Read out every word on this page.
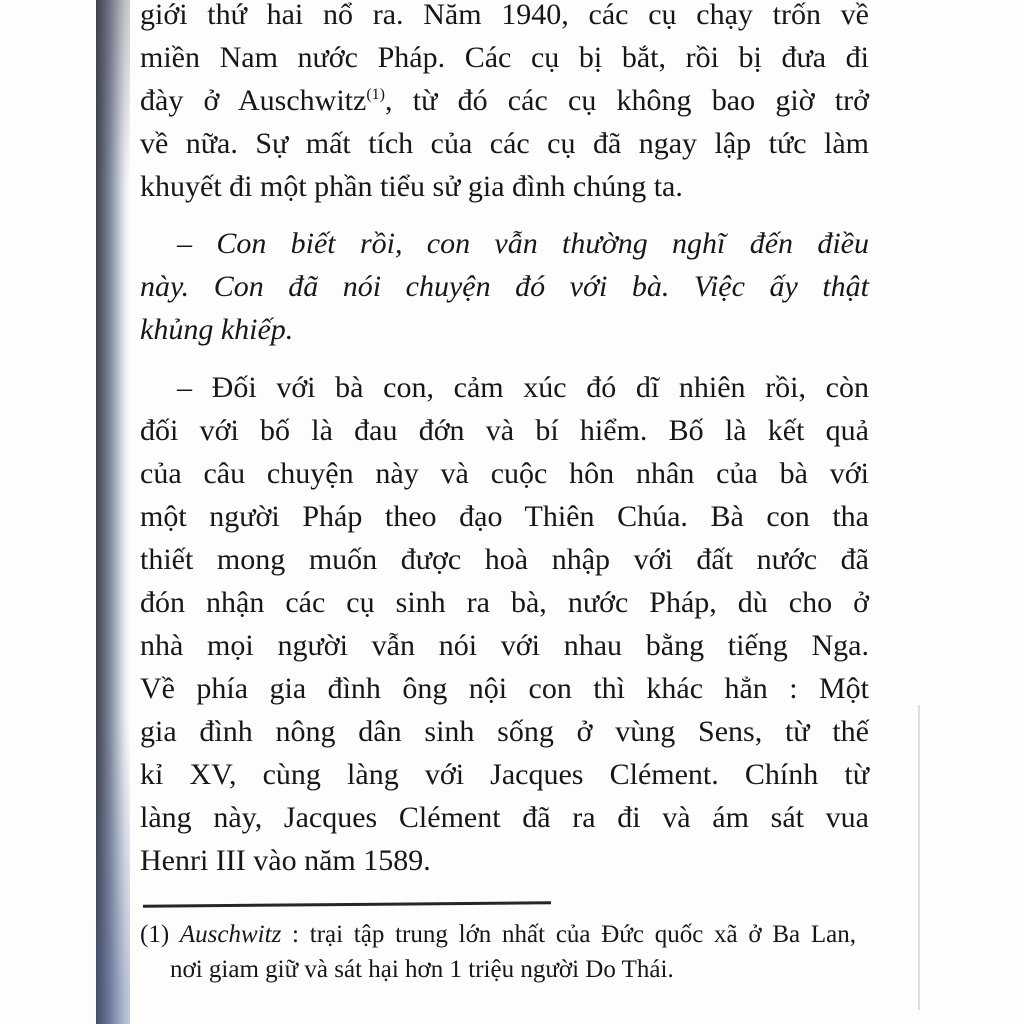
giới thứ hai nổ ra. Năm 1940, các cụ chạy trốn về
miền Nam nước Pháp. Các cụ bị bắt, rồi bị đưa đi
đày ở Auschwitz$^{(1)}$, từ đó các cụ không bao giờ trở
về nữa. Sự mất tích của các cụ đã ngay lập tức làm
khuyết đi một phần tiểu sử gia đình chúng ta.
– Con biết rồi, con vẫn thường nghĩ đến điều
này. Con đã nói chuyện đó với bà. Việc ấy thật
khủng khiếp.
– Đối với bà con, cảm xúc đó dĩ nhiên rồi, còn
đối với bố là đau đớn và bí hiểm. Bố là kết quả
của câu chuyện này và cuộc hôn nhân của bà với
một người Pháp theo đạo Thiên Chúa. Bà con tha
thiết mong muốn được hoà nhập với đất nước đã
đón nhận các cụ sinh ra bà, nước Pháp, dù cho ở
nhà mọi người vẫn nói với nhau bằng tiếng Nga.
Về phía gia đình ông nội con thì khác hẳn : Một
gia đình nông dân sinh sống ở vùng Sens, từ thế
kỉ XV, cùng làng với Jacques Clément. Chính từ
làng này, Jacques Clément đã ra đi và ám sát vua
Henri III vào năm 1589.
(1) Auschwitz : trại tập trung lớn nhất của Đức quốc xã ở Ba Lan,
nơi giam giữ và sát hại hơn 1 triệu người Do Thái.
